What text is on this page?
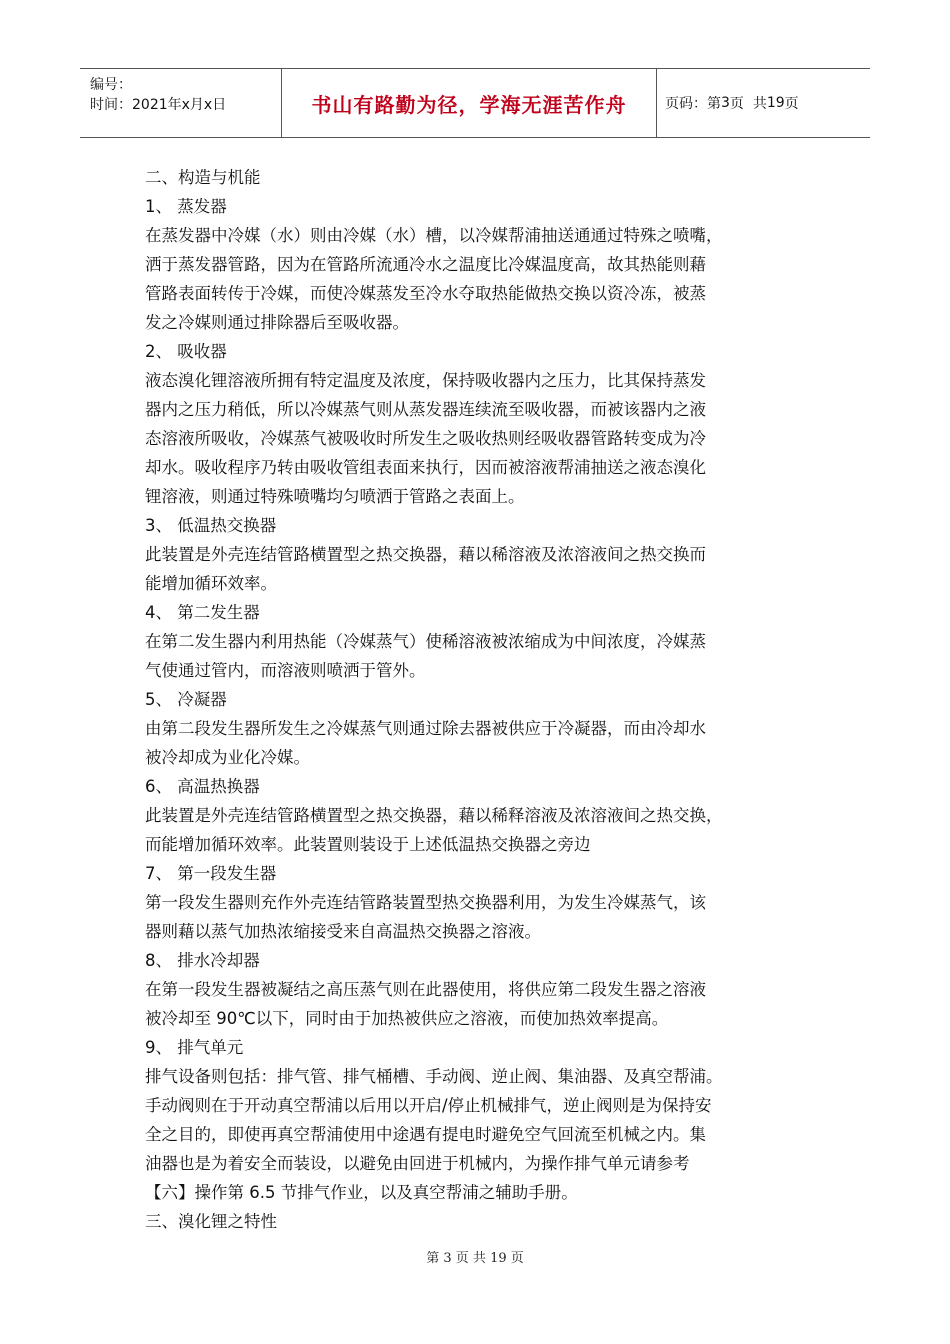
编号：
时间：2021年x月x日	书山有路勤为径，学海无涯苦作舟	页码：第 3 页  共 19 页
二、构造与机能
1、 蒸发器
在蒸发器中冷媒（水）则由冷媒（水）槽，以冷媒帮浦抽送通通过特殊之喷嘴，
洒于蒸发器管路，因为在管路所流通冷水之温度比冷媒温度高，故其热能则藉
管路表面转传于冷媒，而使冷媒蒸发至冷水夺取热能做热交换以资冷冻，被蒸
发之冷媒则通过排除器后至吸收器。
2、 吸收器
液态溴化锂溶液所拥有特定温度及浓度，保持吸收器内之压力，比其保持蒸发
器内之压力稍低，所以冷媒蒸气则从蒸发器连续流至吸收器，而被该器内之液
态溶液所吸收，冷媒蒸气被吸收时所发生之吸收热则经吸收器管路转变成为冷
却水。吸收程序乃转由吸收管组表面来执行，因而被溶液帮浦抽送之液态溴化
锂溶液，则通过特殊喷嘴均匀喷洒于管路之表面上。
3、 低温热交换器
此装置是外壳连结管路横置型之热交换器，藉以稀溶液及浓溶液间之热交换而
能增加循环效率。
4、 第二发生器
在第二发生器内利用热能（冷媒蒸气）使稀溶液被浓缩成为中间浓度，冷媒蒸
气使通过管内，而溶液则喷洒于管外。
5、 冷凝器
由第二段发生器所发生之冷媒蒸气则通过除去器被供应于冷凝器，而由冷却水
被冷却成为业化冷媒。
6、 高温热换器
此装置是外壳连结管路横置型之热交换器，藉以稀释溶液及浓溶液间之热交换，
而能增加循环效率。此装置则装设于上述低温热交换器之旁边
7、 第一段发生器
第一段发生器则充作外壳连结管路装置型热交换器利用，为发生冷媒蒸气，该
器则藉以蒸气加热浓缩接受来自高温热交换器之溶液。
8、 排水冷却器
在第一段发生器被凝结之高压蒸气则在此器使用，将供应第二段发生器之溶液
被冷却至 90℃以下，同时由于加热被供应之溶液，而使加热效率提高。
9、 排气单元
排气设备则包括：排气管、排气桶槽、手动阀、逆止阀、集油器、及真空帮浦。
手动阀则在于开动真空帮浦以后用以开启/停止机械排气，逆止阀则是为保持安
全之目的，即使再真空帮浦使用中途遇有提电时避免空气回流至机械之内。集
油器也是为着安全而装设，以避免由回进于机械内，为操作排气单元请参考
【六】操作第 6.5 节排气作业，以及真空帮浦之辅助手册。
三、溴化锂之特性
第 3 页 共 19 页
